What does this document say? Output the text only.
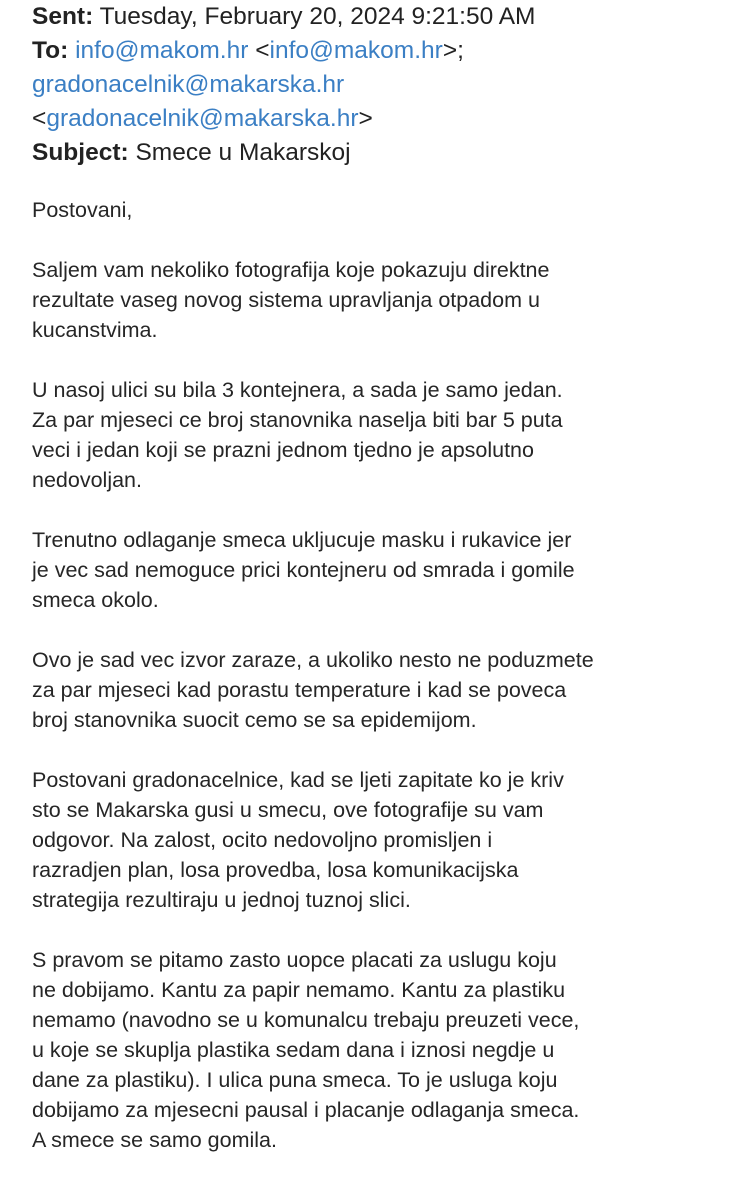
Sent: Tuesday, February 20, 2024 9:21:50 AM
To: info@makom.hr <info@makom.hr>;
gradonacelnik@makarska.hr
<gradonacelnik@makarska.hr>
Subject: Smece u Makarskoj
Postovani,
Saljem vam nekoliko fotografija koje pokazuju direktne
rezultate vaseg novog sistema upravljanja otpadom u
kucanstvima.
U nasoj ulici su bila 3 kontejnera, a sada je samo jedan.
Za par mjeseci ce broj stanovnika naselja biti bar 5 puta
veci i jedan koji se prazni jednom tjedno je apsolutno
nedovoljan.
Trenutno odlaganje smeca ukljucuje masku i rukavice jer
je vec sad nemoguce prici kontejneru od smrada i gomile
smeca okolo.
Ovo je sad vec izvor zaraze, a ukoliko nesto ne poduzmete
za par mjeseci kad porastu temperature i kad se poveca
broj stanovnika suocit cemo se sa epidemijom.
Postovani gradonacelnice, kad se ljeti zapitate ko je kriv
sto se Makarska gusi u smecu, ove fotografije su vam
odgovor. Na zalost, ocito nedovoljno promisljen i
razradjen plan, losa provedba, losa komunikacijska
strategija rezultiraju u jednoj tuznoj slici.
S pravom se pitamo zasto uopce placati za uslugu koju
ne dobijamo. Kantu za papir nemamo. Kantu za plastiku
nemamo (navodno se u komunalcu trebaju preuzeti vece,
u koje se skuplja plastika sedam dana i iznosi negdje u
dane za plastiku). I ulica puna smeca. To je usluga koju
dobijamo za mjesecni pausal i placanje odlaganja smeca.
A smece se samo gomila.
